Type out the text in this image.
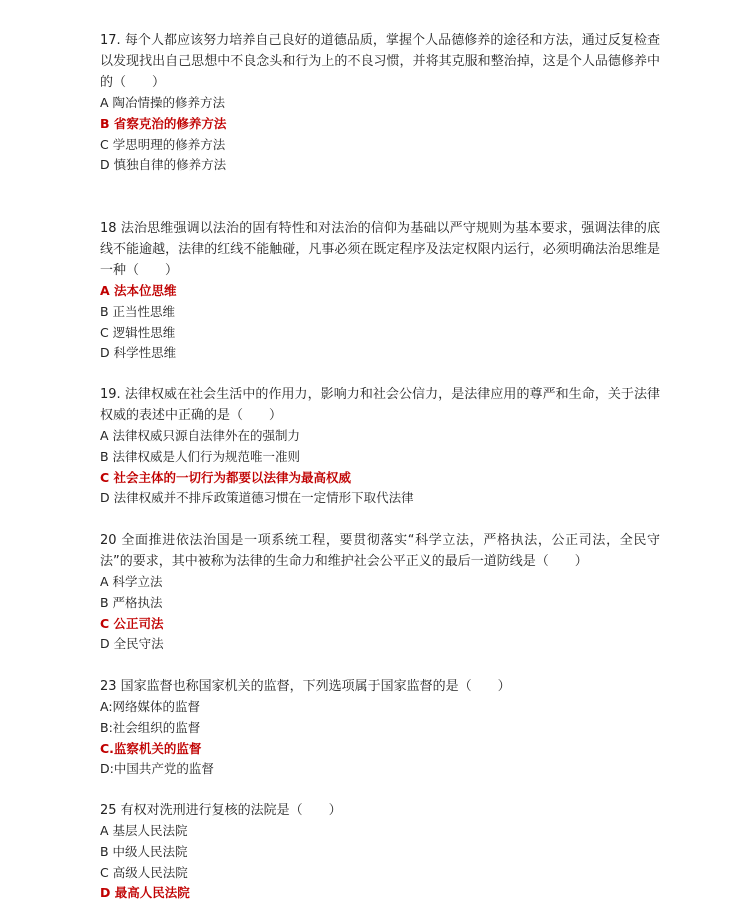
17. 每个人都应该努力培养自己良好的道德品质，掌握个人品德修养的途径和方法，通过反复检查以发现找出自己思想中不良念头和行为上的不良习惯，并将其克服和整治掉，这是个人品德修养中的（　　）

A 陶冶情操的修养方法

B 省察克治的修养方法

C 学思明理的修养方法

D 慎独自律的修养方法

18 法治思维强调以法治的固有特性和对法治的信仰为基础以严守规则为基本要求，强调法律的底线不能逾越，法律的红线不能触碰，凡事必须在既定程序及法定权限内运行，必须明确法治思维是一种（　　）

A 法本位思维

B 正当性思维

C 逻辑性思维

D 科学性思维

19. 法律权威在社会生活中的作用力，影响力和社会公信力，是法律应用的尊严和生命，关于法律权威的表述中正确的是（　　）

A 法律权威只源自法律外在的强制力

B 法律权威是人们行为规范唯一准则

C 社会主体的一切行为都要以法律为最高权威

D 法律权威并不排斥政策道德习惯在一定情形下取代法律

20 全面推进依法治国是一项系统工程，要贯彻落实“科学立法，严格执法，公正司法，全民守法”的要求，其中被称为法律的生命力和维护社会公平正义的最后一道防线是（　　）

A 科学立法

B 严格执法

C 公正司法

D 全民守法

23 国家监督也称国家机关的监督，下列选项属于国家监督的是（　　）

A:网络媒体的监督

B:社会组织的监督

C.监察机关的监督

D:中国共产党的监督

25 有权对洗刑进行复核的法院是（　　）

A 基层人民法院

B 中级人民法院

C 高级人民法院

D 最高人民法院
